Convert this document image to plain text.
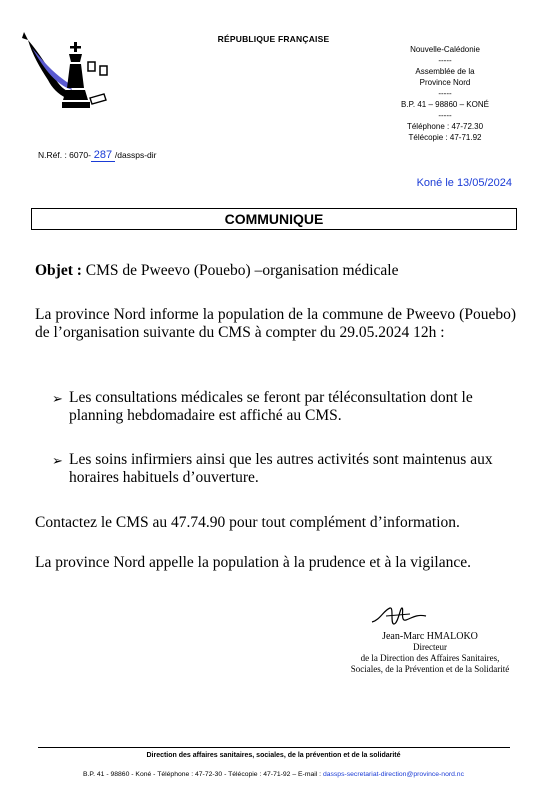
RÉPUBLIQUE FRANÇAISE
Nouvelle-Calédonie
-----
Assemblée de la
Province Nord
-----
B.P. 41 – 98860 – KONÉ
-----
Téléphone : 47-72.30
Télécopie : 47-71.92
N.Réf. : 6070- 287 /dassps-dir
Koné le 13/05/2024
COMMUNIQUE
Objet : CMS de Pweevo (Pouebo) –organisation médicale
La province Nord informe la population de la commune de Pweevo (Pouebo) de l’organisation suivante du CMS à compter du 29.05.2024 12h :
➢ Les consultations médicales se feront par téléconsultation dont le planning hebdomadaire est affiché au CMS.
➢ Les soins infirmiers ainsi que les autres activités sont maintenus aux horaires habituels d’ouverture.
Contactez le CMS au 47.74.90 pour tout complément d’information.
La province Nord appelle la population à la prudence et à la vigilance.
Jean-Marc HMALOKO
Directeur
de la Direction des Affaires Sanitaires,
Sociales, de la Prévention et de la Solidarité
Direction des affaires sanitaires, sociales, de la prévention et de la solidarité
B.P. 41 - 98860 - Koné - Téléphone : 47-72-30 - Télécopie : 47-71-92 – E-mail : dassps-secretariat-direction@province-nord.nc
